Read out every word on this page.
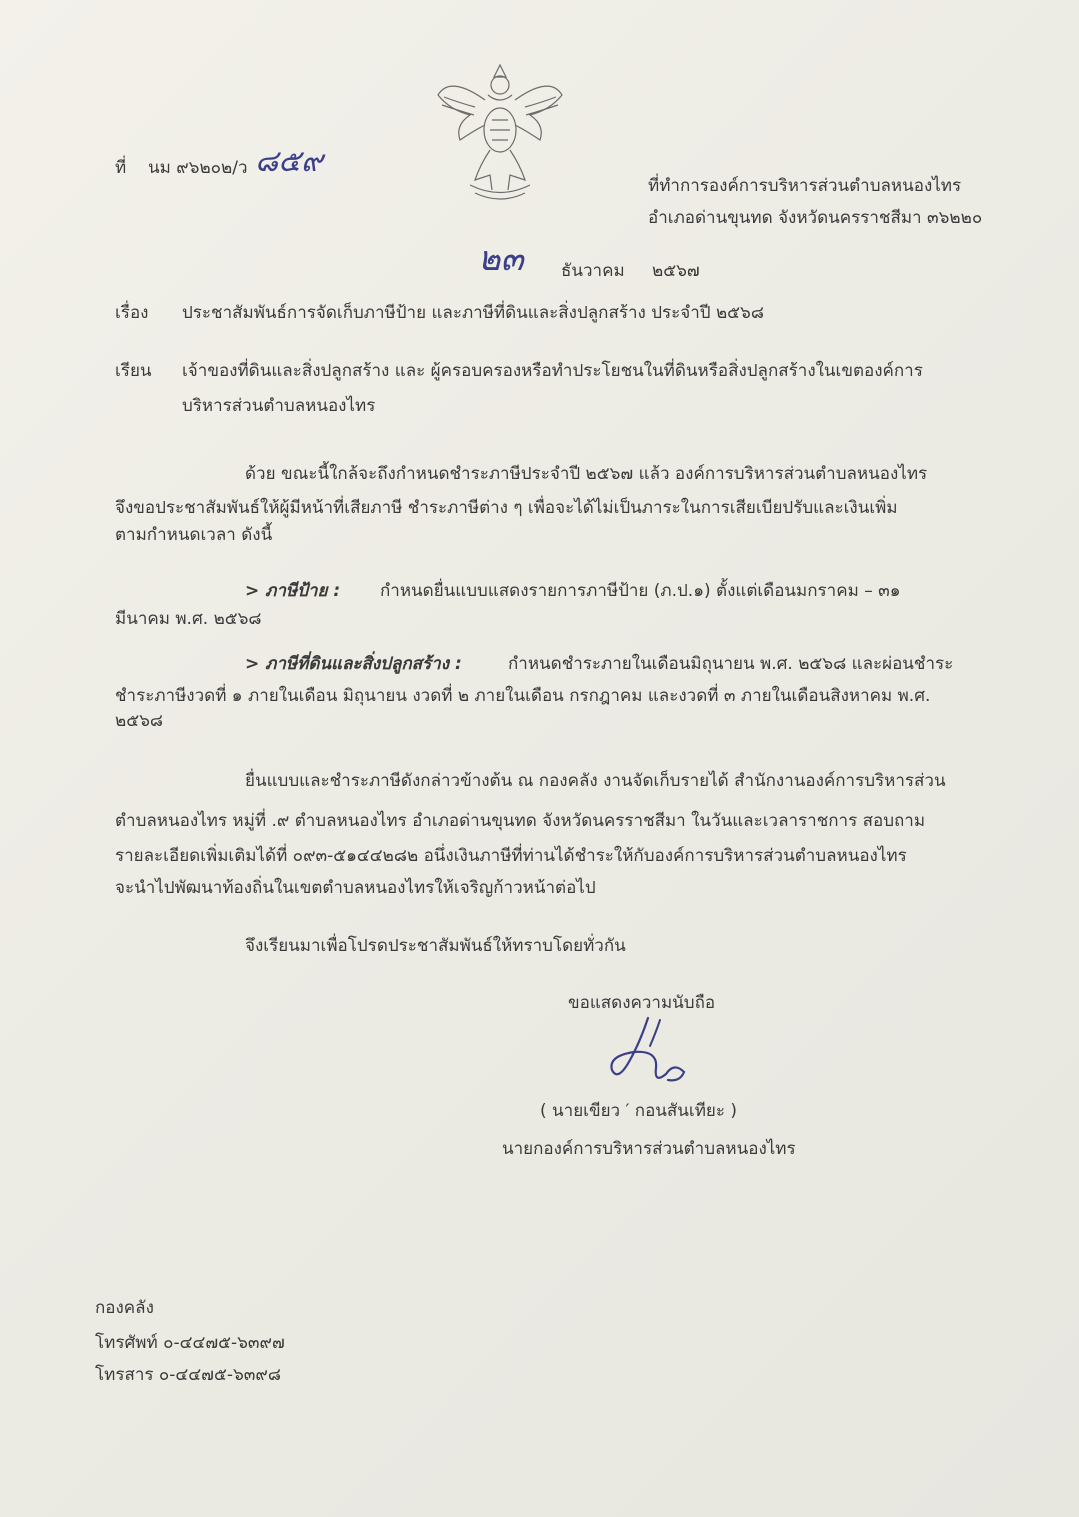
ที่ นม ๙๖๒๐๒/ว ๘๕๙
ที่ทำการองค์การบริหารส่วนตำบลหนองไทร
อำเภอด่านขุนทด จังหวัดนครราชสีมา ๓๖๒๒๐
๒๓ ธันวาคม ๒๕๖๗
เรื่อง ประชาสัมพันธ์การจัดเก็บภาษีป้าย และภาษีที่ดินและสิ่งปลูกสร้าง ประจำปี ๒๕๖๘
เรียน เจ้าของที่ดินและสิ่งปลูกสร้าง และ ผู้ครอบครองหรือทำประโยชนในที่ดินหรือสิ่งปลูกสร้างในเขตองค์การ
บริหารส่วนตำบลหนองไทร
ด้วย ขณะนี้ใกล้จะถึงกำหนดชำระภาษีประจำปี ๒๕๖๗ แล้ว องค์การบริหารส่วนตำบลหนองไทร
จึงขอประชาสัมพันธ์ให้ผู้มีหน้าที่เสียภาษี ชำระภาษีต่าง ๆ เพื่อจะได้ไม่เป็นภาระในการเสียเบียปรับและเงินเพิ่ม
ตามกำหนดเวลา ดังนี้
> ภาษีป้าย : กำหนดยื่นแบบแสดงรายการภาษีป้าย (ภ.ป.๑) ตั้งแต่เดือนมกราคม – ๓๑
มีนาคม พ.ศ. ๒๕๖๘
> ภาษีที่ดินและสิ่งปลูกสร้าง :	กำหนดชำระภายในเดือนมิถุนายน พ.ศ. ๒๕๖๘ และผ่อนชำระ
ชำระภาษีงวดที่ ๑ ภายในเดือน มิถุนายน งวดที่ ๒ ภายในเดือน กรกฎาคม และงวดที่ ๓ ภายในเดือนสิงหาคม พ.ศ.
๒๕๖๘
ยื่นแบบและชำระภาษีดังกล่าวข้างต้น ณ กองคลัง งานจัดเก็บรายได้ สำนักงานองค์การบริหารส่วน
ตำบลหนองไทร หมู่ที่ .๙ ตำบลหนองไทร อำเภอด่านขุนทด จังหวัดนครราชสีมา ในวันและเวลาราชการ สอบถาม
รายละเอียดเพิ่มเติมได้ที่ ๐๙๓-๕๑๔๔๒๘๒ อนึ่งเงินภาษีที่ท่านได้ชำระให้กับองค์การบริหารส่วนตำบลหนองไทร
จะนำไปพัฒนาท้องถิ่นในเขตตำบลหนองไทรให้เจริญก้าวหน้าต่อไป
จึงเรียนมาเพื่อโปรดประชาสัมพันธ์ให้ทราบโดยทั่วกัน
ขอแสดงความนับถือ
( นายเขียว ′ กอนสันเทียะ )
นายกองค์การบริหารส่วนตำบลหนองไทร
กองคลัง
โทรศัพท์ ๐-๔๔๗๕-๖๓๙๗
โทรสาร ๐-๔๔๗๕-๖๓๙๘
